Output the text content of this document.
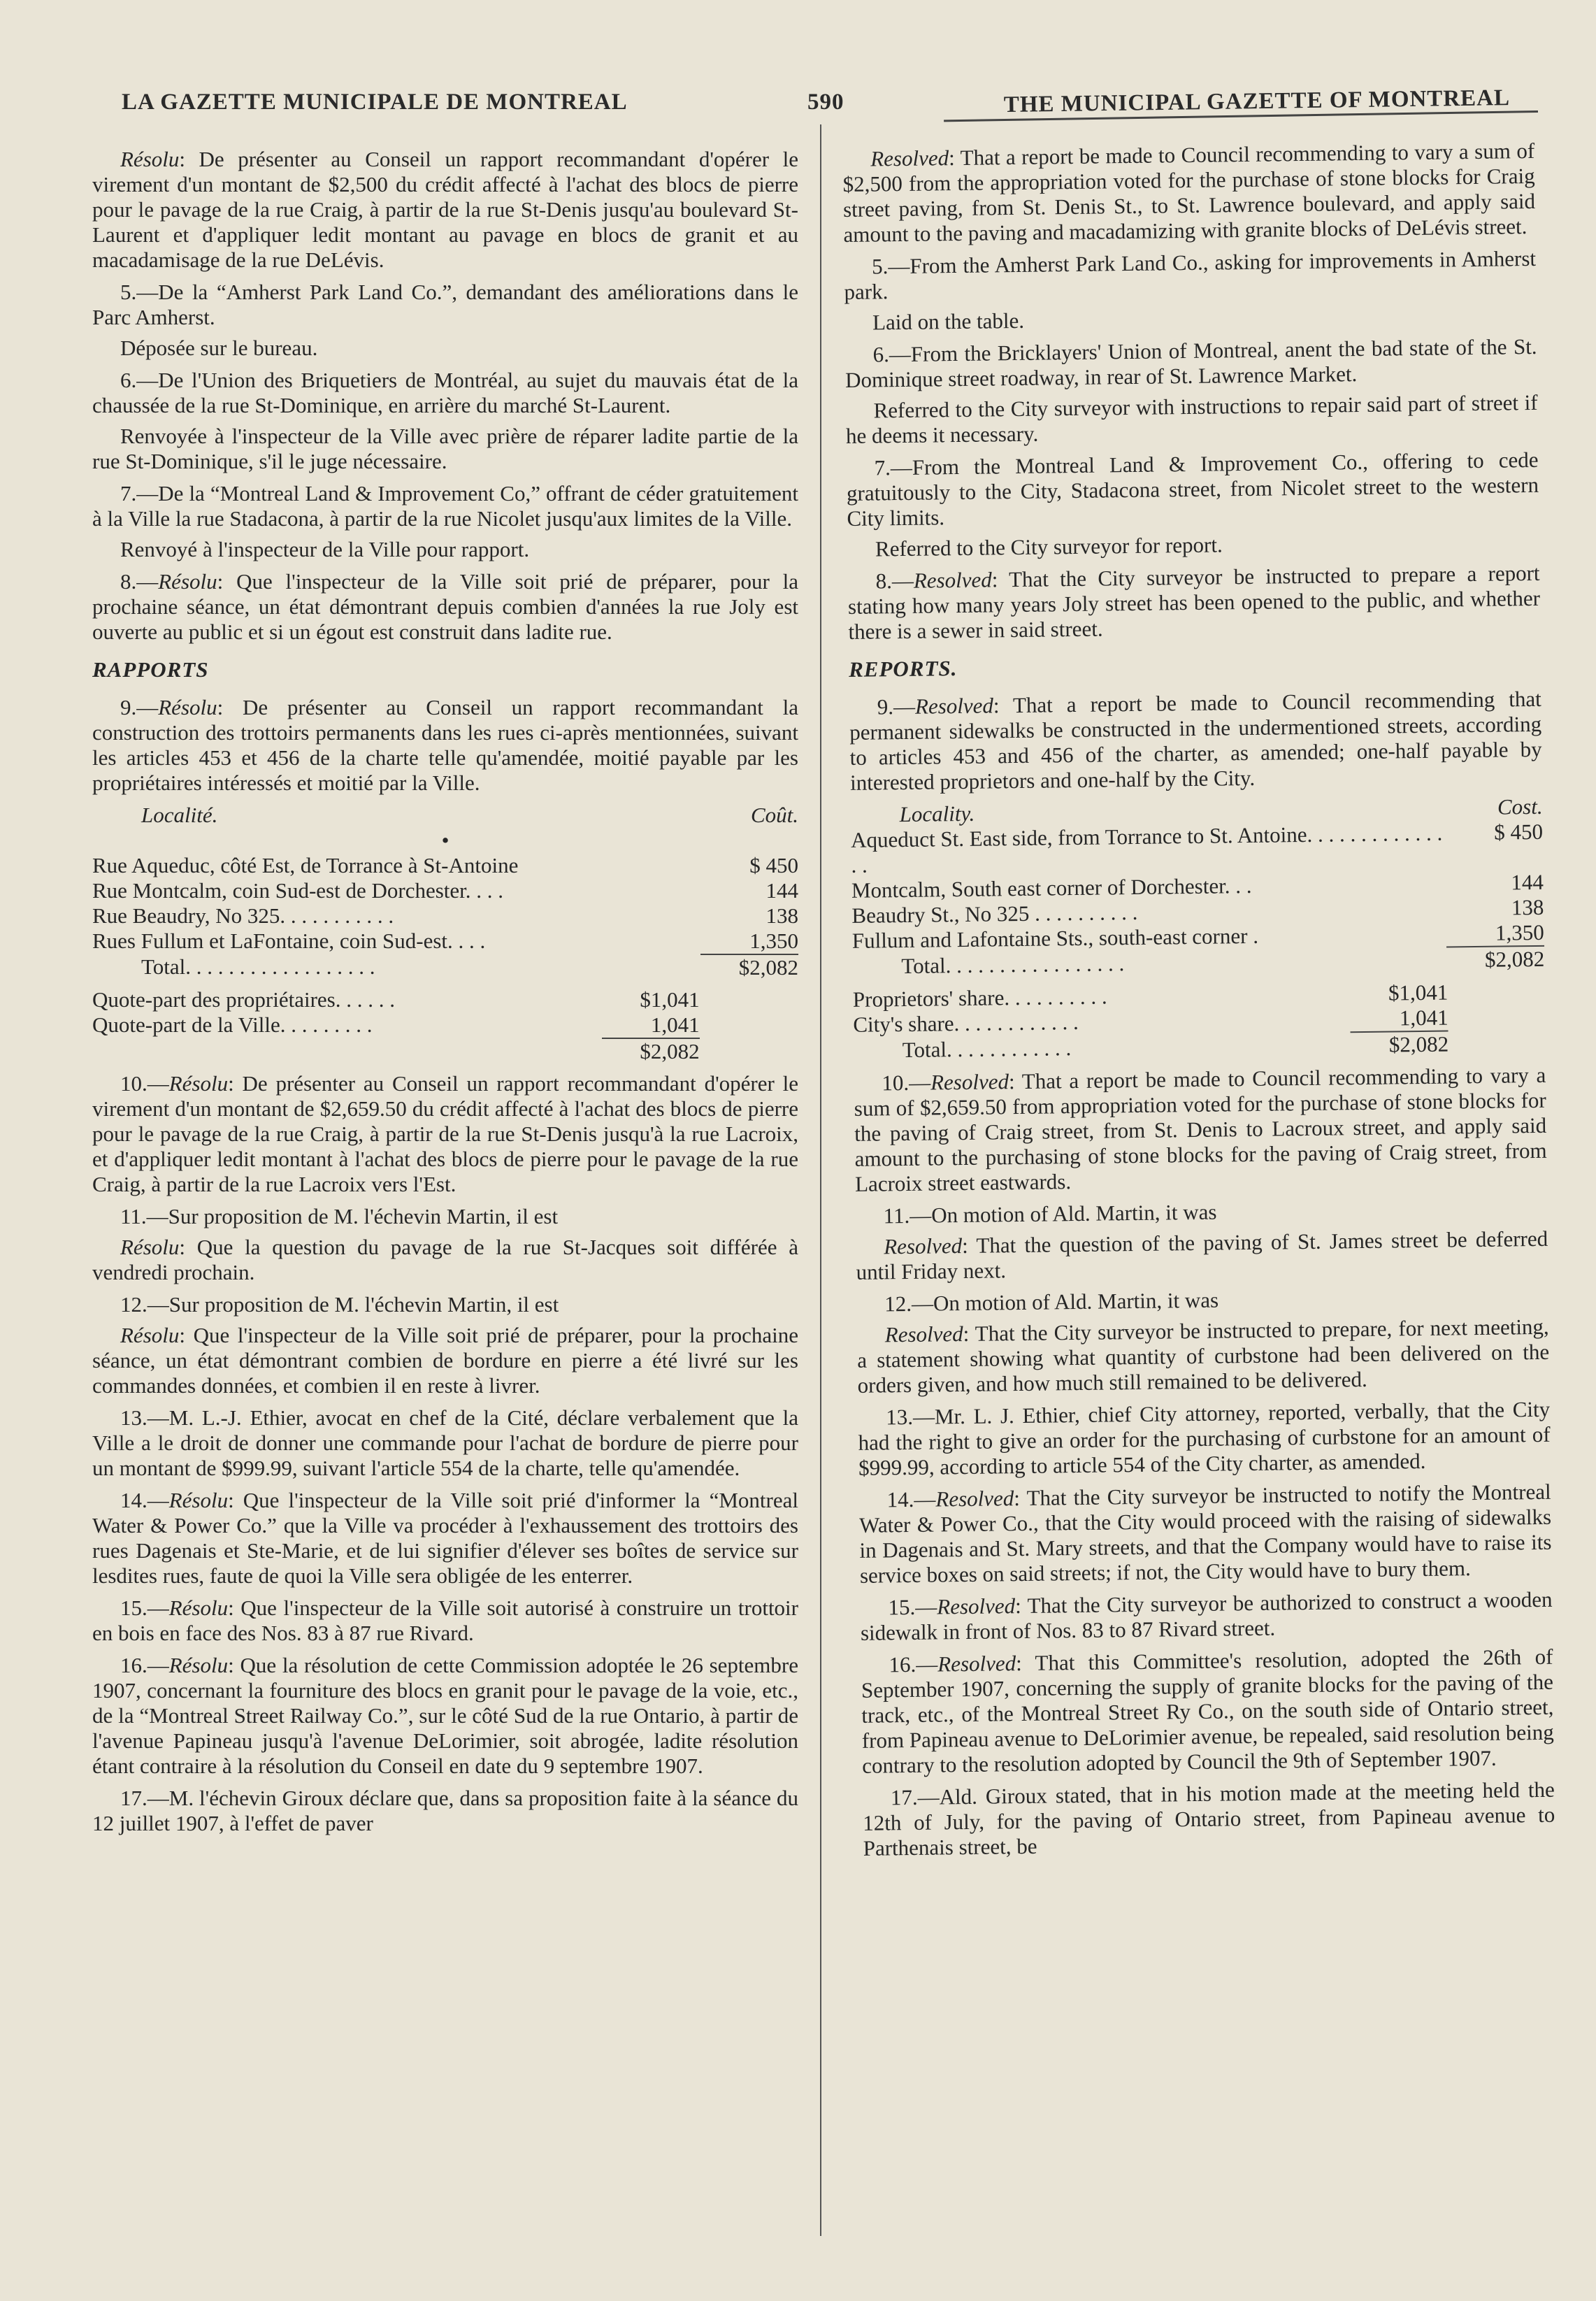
LA GAZETTE MUNICIPALE DE MONTREAL	590	THE MUNICIPAL GAZETTE OF MONTREAL

Résolu: De présenter au Conseil un rapport recommandant d'opérer le virement d'un montant de $2,500 du crédit affecté à l'achat des blocs de pierre pour le pavage de la rue Craig, à partir de la rue St-Denis jusqu'au boulevard St-Laurent et d'appliquer ledit montant au pavage en blocs de granit et au macadamisage de la rue DeLévis.

5.—De la “Amherst Park Land Co.”, demandant des améliorations dans le Parc Amherst.

Déposée sur le bureau.

6.—De l'Union des Briquetiers de Montréal, au sujet du mauvais état de la chaussée de la rue St-Dominique, en arrière du marché St-Laurent.

Renvoyée à l'inspecteur de la Ville avec prière de réparer ladite partie de la rue St-Dominique, s'il le juge nécessaire.

7.—De la “Montreal Land & Improvement Co,” offrant de céder gratuitement à la Ville la rue Stadacona, à partir de la rue Nicolet jusqu'aux limites de la Ville.

Renvoyé à l'inspecteur de la Ville pour rapport.

8.—Résolu: Que l'inspecteur de la Ville soit prié de préparer, pour la prochaine séance, un état démontrant depuis combien d'années la rue Joly est ouverte au public et si un égout est construit dans ladite rue.

RAPPORTS

9.—Résolu: De présenter au Conseil un rapport recommandant la construction des trottoirs permanents dans les rues ci-après mentionnées, suivant les articles 453 et 456 de la charte telle qu'amendée, moitié payable par les propriétaires intéressés et moitié par la Ville.

Localité.	Coût.
•	
Rue Aqueduc, côté Est, de Torrance à St-Antoine	$ 450
Rue Montcalm, coin Sud-est de Dorchester. . . .	144
Rue Beaudry, No 325. . . . . . . . . . .	138
Rues Fullum et LaFontaine, coin Sud-est. . . .	1,350
Total. . . . . . . . . . . . . . . . . .	$2,082
Quote-part des propriétaires. . . . . .	$1,041
Quote-part de la Ville. . . . . . . . .	1,041
	$2,082

10.—Résolu: De présenter au Conseil un rapport recommandant d'opérer le virement d'un montant de $2,659.50 du crédit affecté à l'achat des blocs de pierre pour le pavage de la rue Craig, à partir de la rue St-Denis jusqu'à la rue Lacroix, et d'appliquer ledit montant à l'achat des blocs de pierre pour le pavage de la rue Craig, à partir de la rue Lacroix vers l'Est.

11.—Sur proposition de M. l'échevin Martin, il est

Résolu: Que la question du pavage de la rue St-Jacques soit différée à vendredi prochain.

12.—Sur proposition de M. l'échevin Martin, il est

Résolu: Que l'inspecteur de la Ville soit prié de préparer, pour la prochaine séance, un état démontrant combien de bordure en pierre a été livré sur les commandes données, et combien il en reste à livrer.

13.—M. L.-J. Ethier, avocat en chef de la Cité, déclare verbalement que la Ville a le droit de donner une commande pour l'achat de bordure de pierre pour un montant de $999.99, suivant l'article 554 de la charte, telle qu'amendée.

14.—Résolu: Que l'inspecteur de la Ville soit prié d'informer la “Montreal Water & Power Co.” que la Ville va procéder à l'exhaussement des trottoirs des rues Dagenais et Ste-Marie, et de lui signifier d'élever ses boîtes de service sur lesdites rues, faute de quoi la Ville sera obligée de les enterrer.

15.—Résolu: Que l'inspecteur de la Ville soit autorisé à construire un trottoir en bois en face des Nos. 83 à 87 rue Rivard.

16.—Résolu: Que la résolution de cette Commission adoptée le 26 septembre 1907, concernant la fourniture des blocs en granit pour le pavage de la voie, etc., de la “Montreal Street Railway Co.”, sur le côté Sud de la rue Ontario, à partir de l'avenue Papineau jusqu'à l'avenue DeLorimier, soit abrogée, ladite résolution étant contraire à la résolution du Conseil en date du 9 septembre 1907.

17.—M. l'échevin Giroux déclare que, dans sa proposition faite à la séance du 12 juillet 1907, à l'effet de paver

Resolved: That a report be made to Council recommending to vary a sum of $2,500 from the appropriation voted for the purchase of stone blocks for Craig street paving, from St. Denis St., to St. Lawrence boulevard, and apply said amount to the paving and macadamizing with granite blocks of DeLévis street.

5.—From the Amherst Park Land Co., asking for improvements in Amherst park.

Laid on the table.

6.—From the Bricklayers' Union of Montreal, anent the bad state of the St. Dominique street roadway, in rear of St. Lawrence Market.

Referred to the City surveyor with instructions to repair said part of street if he deems it necessary.

7.—From the Montreal Land & Improvement Co., offering to cede gratuitously to the City, Stadacona street, from Nicolet street to the western City limits.

Referred to the City surveyor for report.

8.—Resolved: That the City surveyor be instructed to prepare a report stating how many years Joly street has been opened to the public, and whether there is a sewer in said street.

REPORTS.

9.—Resolved: That a report be made to Council recommending that permanent sidewalks be constructed in the undermentioned streets, according to articles 453 and 456 of the charter, as amended; one-half payable by interested proprietors and one-half by the City.

Locality.	Cost.
Aqueduct St. East side, from Torrance to St. Antoine. . . . . . . . . . . . . . .	$ 450
Montcalm, South east corner of Dorchester. . .	144
Beaudry St., No 325 . . . . . . . . . .	138
Fullum and Lafontaine Sts., south-east corner .	1,350
Total. . . . . . . . . . . . . . . . .	$2,082
Proprietors' share. . . . . . . . . .	$1,041
City's share. . . . . . . . . . . .	1,041
Total. . . . . . . . . . . .	$2,082

10.—Resolved: That a report be made to Council recommending to vary a sum of $2,659.50 from appropriation voted for the purchase of stone blocks for the paving of Craig street, from St. Denis to Lacroux street, and apply said amount to the purchasing of stone blocks for the paving of Craig street, from Lacroix street eastwards.

11.—On motion of Ald. Martin, it was

Resolved: That the question of the paving of St. James street be deferred until Friday next.

12.—On motion of Ald. Martin, it was

Resolved: That the City surveyor be instructed to prepare, for next meeting, a statement showing what quantity of curbstone had been delivered on the orders given, and how much still remained to be delivered.

13.—Mr. L. J. Ethier, chief City attorney, reported, verbally, that the City had the right to give an order for the purchasing of curbstone for an amount of $999.99, according to article 554 of the City charter, as amended.

14.—Resolved: That the City surveyor be instructed to notify the Montreal Water & Power Co., that the City would proceed with the raising of sidewalks in Dagenais and St. Mary streets, and that the Company would have to raise its service boxes on said streets; if not, the City would have to bury them.

15.—Resolved: That the City surveyor be authorized to construct a wooden sidewalk in front of Nos. 83 to 87 Rivard street.

16.—Resolved: That this Committee's resolution, adopted the 26th of September 1907, concerning the supply of granite blocks for the paving of the track, etc., of the Montreal Street Ry Co., on the south side of Ontario street, from Papineau avenue to DeLorimier avenue, be repealed, said resolution being contrary to the resolution adopted by Council the 9th of September 1907.

17.—Ald. Giroux stated, that in his motion made at the meeting held the 12th of July, for the paving of Ontario street, from Papineau avenue to Parthenais street, be
